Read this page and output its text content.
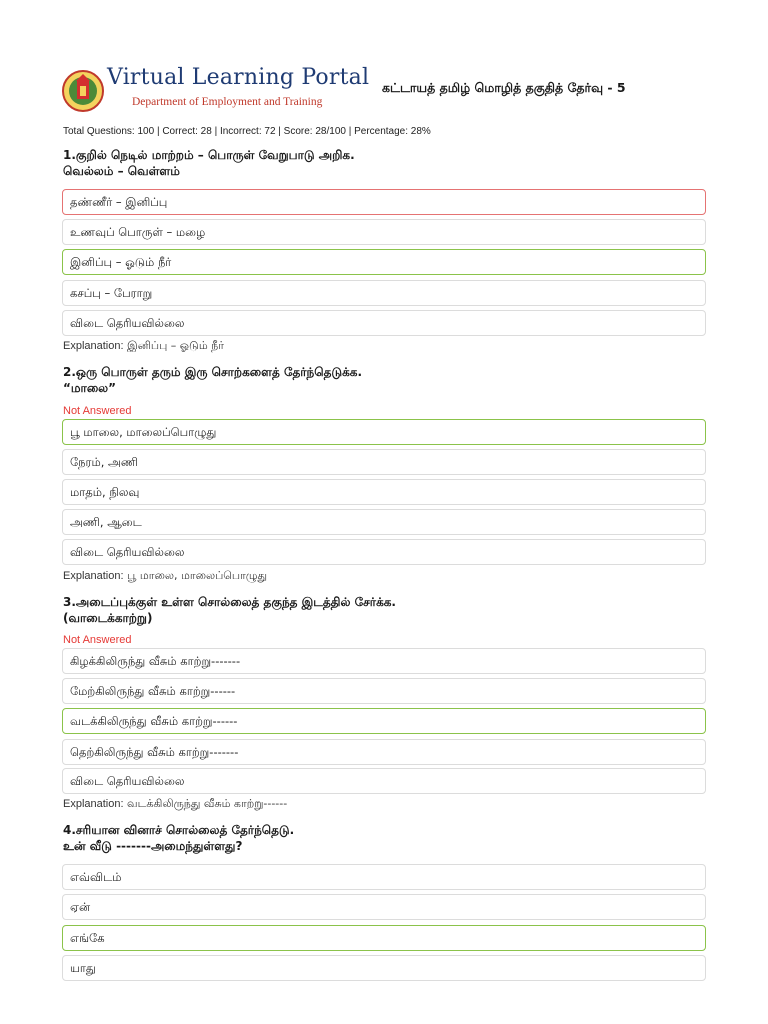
Virtual Learning Portal
Department of Employment and Training
கட்டாயத் தமிழ் மொழித் தகுதித் தேர்வு - 5
Total Questions: 100 | Correct: 28 | Incorrect: 72 | Score: 28/100 | Percentage: 28%
1.குறில் நெடில் மாற்றம் – பொருள் வேறுபாடு அறிக.
வெல்லம் – வெள்ளம்
தண்ணீர் – இனிப்பு
உணவுப் பொருள் – மழை
இனிப்பு – ஓடும் நீர்
கசப்பு – பேராறு
விடை தெரியவில்லை
Explanation: இனிப்பு – ஓடும் நீர்
2.ஒரு பொருள் தரும் இரு சொற்களைத் தேர்ந்தெடுக்க.
“மாலை”
Not Answered
பூ மாலை, மாலைப்பொழுது
நேரம், அணி
மாதம், நிலவு
அணி, ஆடை
விடை தெரியவில்லை
Explanation: பூ மாலை, மாலைப்பொழுது
3.அடைப்புக்குள் உள்ள சொல்லைத் தகுந்த இடத்தில் சேர்க்க.
(வாடைக்காற்று)
Not Answered
கிழக்கிலிருந்து வீசும் காற்று-------
மேற்கிலிருந்து வீசும் காற்று------
வடக்கிலிருந்து வீசும் காற்று------
தெற்கிலிருந்து வீசும் காற்று-------
விடை தெரியவில்லை
Explanation: வடக்கிலிருந்து வீசும் காற்று------
4.சரியான வினாச் சொல்லைத் தேர்ந்தெடு.
உன் வீடு -------அமைந்துள்ளது?
எவ்விடம்
ஏன்
எங்கே
யாது
